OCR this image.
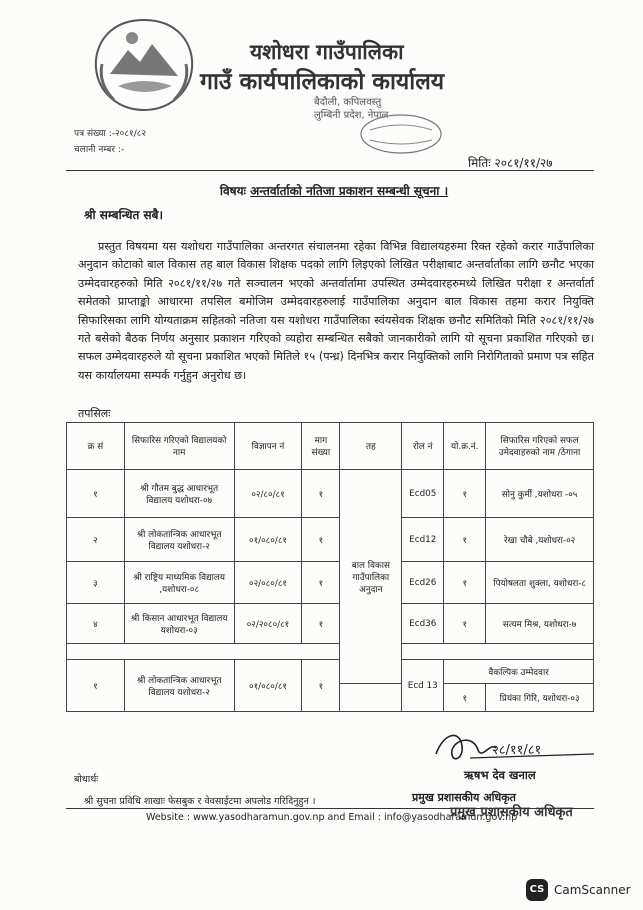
यशोधरा गाउँपालिका
गाउँ कार्यपालिकाको कार्यालय
बैदौली, कपिलवस्तु
लुम्बिनी प्रदेश, नेपाल
पत्र संख्या :-२०८१/८२
चलानी नम्बर :-
मितिः २०८१/११/२७
विषयः अन्तर्वार्ताको नतिजा प्रकाशन सम्बन्धी सूचना ।
श्री सम्बन्धित सबै।
प्रस्तुत विषयमा यस यशोधरा गाउँपालिका अन्तरगत संचालनमा रहेका विभिन्न विद्यालयहरुमा रिक्त रहेको करार गाउँपालिका अनुदान कोटाको बाल विकास तह बाल विकास शिक्षक पदको लागि लिइएको लिखित परीक्षाबाट अन्तर्वार्ताका लागि छनौट भएका उम्मेदवारहरुको मिति २०८१/११/२७ गते सञ्चालन भएको अन्तर्वार्तामा उपस्थित उम्मेदवारहरुमध्ये लिखित परीक्षा र अन्तर्वार्ता समेतको प्राप्ताङ्को आधारमा तपसिल बमोजिम उम्मेदवारहरुलाई गाउँपालिका अनुदान बाल विकास तहमा करार नियुक्ति सिफारिसका लागि योग्यताक्रम सहितको नतिजा यस यशोधरा गाउँपालिका स्वंयसेवक शिक्षक छनौट समितिको मिति २०८१/११/२७ गते बसेको बैठक निर्णय अनुसार प्रकाशन गरिएको व्यहोरा सम्बन्धित सबैको जानकारीको लागि यो सूचना प्रकाशित गरिएको छ। सफल उम्मेदवारहरुले यो सूचना प्रकाशित भएको मितिले १५ (पन्ध्र) दिनभित्र करार नियुक्तिको लागि निरोगिताको प्रमाण पत्र सहित यस कार्यालयमा सम्पर्क गर्नुहुन अनुरोध छ।
तपसिलः
क्र सं	सिफारिस गरिएको विद्यालयको नाम	विज्ञापन नं	माग संख्या	तह	रोल नं	यो.क्र.नं.	सिफारिस गरिएको सफल उमेदवाहरुको नाम /ठेगाना
१	श्री गौतम बुद्ध आधारभूत विद्यालय यशोधरा-०७	०२/८०/८१	१	बाल विकास गाउँपालिका अनुदान	Ecd05	१	सोनु कुर्मी ,यशोधरा -०५
२	श्री लोकतान्त्रिक आधारभूत विद्यालय यशोधरा-२	०१/०८०/८१	१		Ecd12	१	रेखा चौबे ,यशोधरा-०२
३	श्री राष्ट्रिय माध्यमिक विद्यालय ,यशोधरा-०८	०२/०८०/८१	१		Ecd26	१	पियोषलता शुक्ला, यशोधरा-८
४	श्री किसान आधारभूत विद्यालय यशोधरा-०३	०२/२०८०/८१	१		Ecd36	१	सत्यम मिश्र, यशोधरा-७

१	श्री लोकतान्त्रिक आधारभूत विद्यालय यशोधरा-२	०१/०८०/८१	१		Ecd 13	वैकल्पिक उम्मेदवार	
						१	प्रियंका गिरि, यशोधरा-०३
२८/११/८१
ऋषभ देव खनाल
प्रमुख प्रशासकीय अधिकृत
प्रमुख प्रशासकीय अधिकृत
बोधार्थः
श्री सुचना प्रविधि शाखाः फेसबुक र वेवसाईटमा अपलोड गरिदिनुहुन ।
Website : www.yasodharamun.gov.np and Email : info@yasodharamun.gov.np
CS CamScanner
